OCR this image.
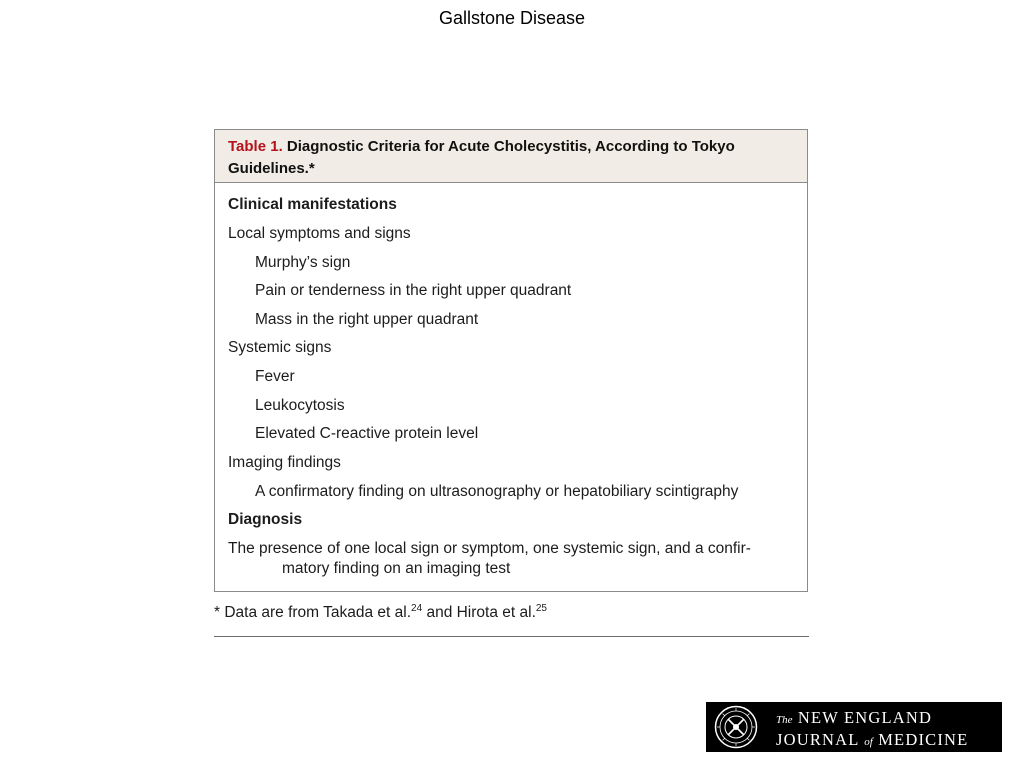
Gallstone Disease
Table 1. Diagnostic Criteria for Acute Cholecystitis, According to Tokyo
Guidelines.*
Clinical manifestations
Local symptoms and signs
Murphy’s sign
Pain or tenderness in the right upper quadrant
Mass in the right upper quadrant
Systemic signs
Fever
Leukocytosis
Elevated C-reactive protein level
Imaging findings
A confirmatory finding on ultrasonography or hepatobiliary scintigraphy
Diagnosis
The presence of one local sign or symptom, one systemic sign, and a confir-
matory finding on an imaging test
* Data are from Takada et al.$^{24}$ and Hirota et al.$^{25}$
The NEW ENGLAND
JOURNAL of MEDICINE
